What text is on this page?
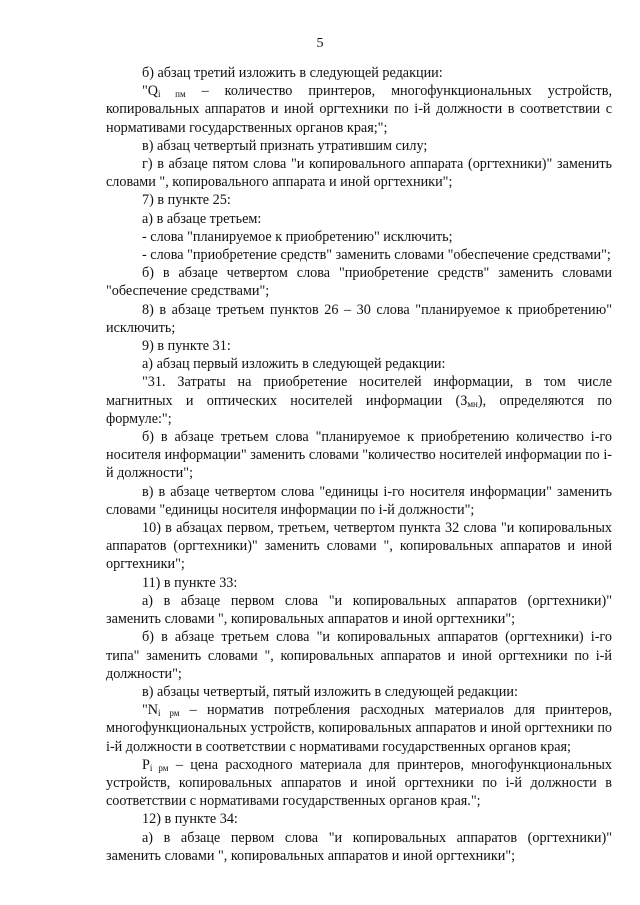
5

б) абзац третий изложить в следующей редакции:

"$Q_{i пм}$ – количество принтеров, многофункциональных устройств, копировальных аппаратов и иной оргтехники по i-й должности в соответствии с нормативами государственных органов края;";

в) абзац четвертый признать утратившим силу;

г) в абзаце пятом слова "и копировального аппарата (оргтехники)" заменить словами ", копировального аппарата и иной оргтехники";

7) в пункте 25:

а) в абзаце третьем:

- слова "планируемое к приобретению" исключить;

- слова "приобретение средств" заменить словами "обеспечение средствами";

б) в абзаце четвертом слова "приобретение средств" заменить словами "обеспечение средствами";

8) в абзаце третьем пунктов 26 – 30 слова "планируемое к приобретению" исключить;

9) в пункте 31:

а) абзац первый изложить в следующей редакции:

"31. Затраты на приобретение носителей информации, в том числе магнитных и оптических носителей информации $(З_{мн})$, определяются по формуле:";

б) в абзаце третьем слова "планируемое к приобретению количество i-го носителя информации" заменить словами "количество носителей информации по i-й должности";

в) в абзаце четвертом слова "единицы i-го носителя информации" заменить словами "единицы носителя информации по i-й должности";

10) в абзацах первом, третьем, четвертом пункта 32 слова "и копировальных аппаратов (оргтехники)" заменить словами ", копировальных аппаратов и иной оргтехники";

11) в пункте 33:

а) в абзаце первом слова "и копировальных аппаратов (оргтехники)" заменить словами ", копировальных аппаратов и иной оргтехники";

б) в абзаце третьем слова "и копировальных аппаратов (оргтехники) i-го типа" заменить словами ", копировальных аппаратов и иной оргтехники по i-й должности";

в) абзацы четвертый, пятый изложить в следующей редакции:

"$N_{i рм}$ – норматив потребления расходных материалов для принтеров, многофункциональных устройств, копировальных аппаратов и иной оргтехники по i-й должности в соответствии с нормативами государственных органов края;

$P_{i рм}$ – цена расходного материала для принтеров, многофункциональных устройств, копировальных аппаратов и иной оргтехники по i-й должности в соответствии с нормативами государственных органов края.";

12) в пункте 34:

а) в абзаце первом слова "и копировальных аппаратов (оргтехники)" заменить словами ", копировальных аппаратов и иной оргтехники";
